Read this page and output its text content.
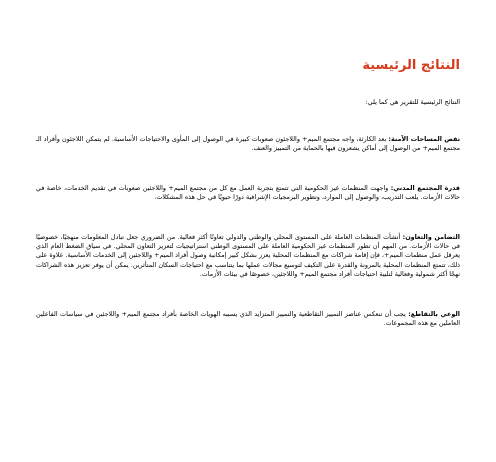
النتائج الرئيسية

النتائج الرئيسية للتقرير هي كما يلي:

نقص المساحات الآمنة: بعد الكارثة، واجه مجتمع الميم+ واللاجئون صعوبات كبيرة في الوصول إلى المأوى والاحتياجات الأساسية. لم يتمكن اللاجئون وأفراد الـ مجتمع الميم+ من الوصول إلى أماكن يشعرون فيها بالحماية من التمييز والعنف.

قدرة المجتمع المدني: واجهت المنظمات غير الحكومية التي تتمتع بتجربة العمل مع كل من مجتمع الميم+ واللاجئين صعوبات في تقديم الخدمات، خاصة في حالات الأزمات. يلعب التدريب، والوصول إلى الموارد، وتطوير البرمجيات الإشرافية دورًا حيويًا في حل هذه المشكلات.

التضامن والتعاون: أنشأت المنظمات العاملة على المستوى المحلي والوطني والدولي تعاونًا أكثر فعالية. من الضروري جعل تبادل المعلومات منهجيًا، خصوصيًا في حالات الأزمات. من المهم أن تطور المنظمات غير الحكومية العاملة على المستوى الوطني استراتيجيات لتعزيز التعاون المحلي. في سياق الضغط العام الذي يعرقل عمل منظمات الميم+، فإن إقامة شراكات مع المنظمات المحلية يعزز بشكل كبير إمكانية وصول أفراد الميم+ واللاجئين إلى الخدمات الأساسية. علاوة على ذلك، تتمتع المنظمات المحلية بالمرونة والقدرة على التكيف لتوسيع مجالات عملها بما يتناسب مع احتياجات السكان المتأثرين. يمكن أن يوفر تعزيز هذه الشراكات نهجًا أكثر شمولية وفعالية لتلبية احتياجات أفراد مجتمع الميم+ واللاجئين، خصوصًا في بيئات الأزمات.

الوعي بالتقاطع: يجب أن تنعكس عناصر التمييز التقاطعية والتمييز المتزايد الذي يسببه الهويات الخاصة بأفراد مجتمع الميم+ واللاجئين في سياسات الفاعلين العاملين مع هذه المجموعات.
